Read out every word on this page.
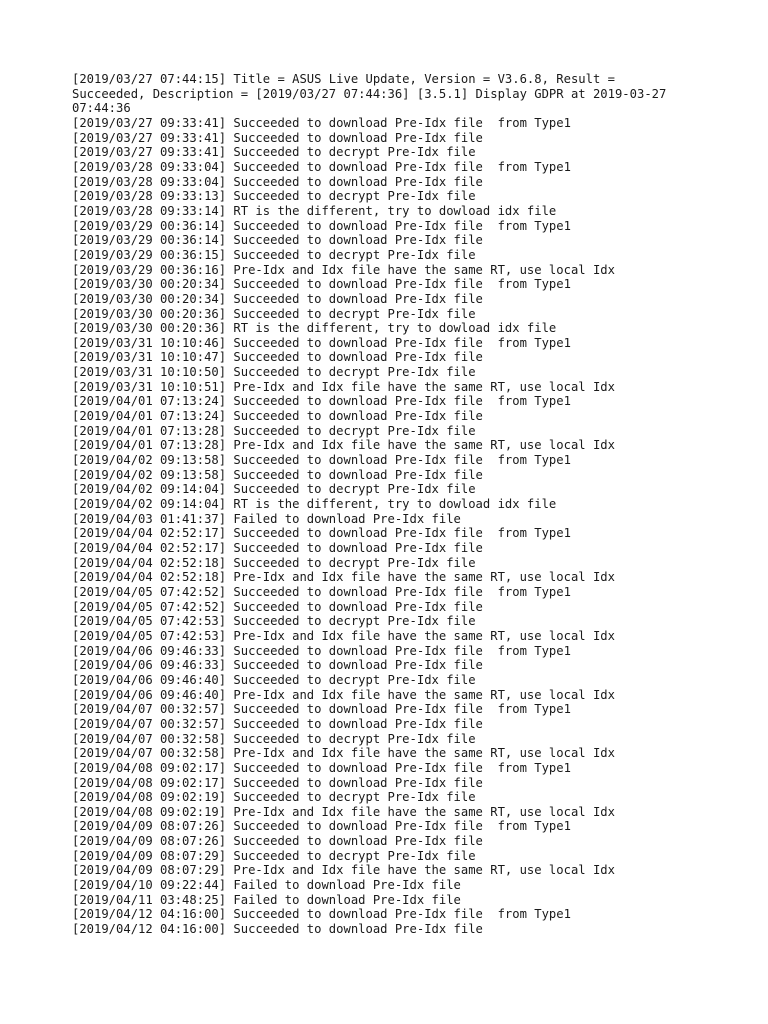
[2019/03/27 07:44:15] Title = ASUS Live Update, Version = V3.6.8, Result =
Succeeded, Description = [2019/03/27 07:44:36] [3.5.1] Display GDPR at 2019-03-27
07:44:36
[2019/03/27 09:33:41] Succeeded to download Pre-Idx file  from Type1
[2019/03/27 09:33:41] Succeeded to download Pre-Idx file
[2019/03/27 09:33:41] Succeeded to decrypt Pre-Idx file
[2019/03/28 09:33:04] Succeeded to download Pre-Idx file  from Type1
[2019/03/28 09:33:04] Succeeded to download Pre-Idx file
[2019/03/28 09:33:13] Succeeded to decrypt Pre-Idx file
[2019/03/28 09:33:14] RT is the different, try to dowload idx file
[2019/03/29 00:36:14] Succeeded to download Pre-Idx file  from Type1
[2019/03/29 00:36:14] Succeeded to download Pre-Idx file
[2019/03/29 00:36:15] Succeeded to decrypt Pre-Idx file
[2019/03/29 00:36:16] Pre-Idx and Idx file have the same RT, use local Idx
[2019/03/30 00:20:34] Succeeded to download Pre-Idx file  from Type1
[2019/03/30 00:20:34] Succeeded to download Pre-Idx file
[2019/03/30 00:20:36] Succeeded to decrypt Pre-Idx file
[2019/03/30 00:20:36] RT is the different, try to dowload idx file
[2019/03/31 10:10:46] Succeeded to download Pre-Idx file  from Type1
[2019/03/31 10:10:47] Succeeded to download Pre-Idx file
[2019/03/31 10:10:50] Succeeded to decrypt Pre-Idx file
[2019/03/31 10:10:51] Pre-Idx and Idx file have the same RT, use local Idx
[2019/04/01 07:13:24] Succeeded to download Pre-Idx file  from Type1
[2019/04/01 07:13:24] Succeeded to download Pre-Idx file
[2019/04/01 07:13:28] Succeeded to decrypt Pre-Idx file
[2019/04/01 07:13:28] Pre-Idx and Idx file have the same RT, use local Idx
[2019/04/02 09:13:58] Succeeded to download Pre-Idx file  from Type1
[2019/04/02 09:13:58] Succeeded to download Pre-Idx file
[2019/04/02 09:14:04] Succeeded to decrypt Pre-Idx file
[2019/04/02 09:14:04] RT is the different, try to dowload idx file
[2019/04/03 01:41:37] Failed to download Pre-Idx file
[2019/04/04 02:52:17] Succeeded to download Pre-Idx file  from Type1
[2019/04/04 02:52:17] Succeeded to download Pre-Idx file
[2019/04/04 02:52:18] Succeeded to decrypt Pre-Idx file
[2019/04/04 02:52:18] Pre-Idx and Idx file have the same RT, use local Idx
[2019/04/05 07:42:52] Succeeded to download Pre-Idx file  from Type1
[2019/04/05 07:42:52] Succeeded to download Pre-Idx file
[2019/04/05 07:42:53] Succeeded to decrypt Pre-Idx file
[2019/04/05 07:42:53] Pre-Idx and Idx file have the same RT, use local Idx
[2019/04/06 09:46:33] Succeeded to download Pre-Idx file  from Type1
[2019/04/06 09:46:33] Succeeded to download Pre-Idx file
[2019/04/06 09:46:40] Succeeded to decrypt Pre-Idx file
[2019/04/06 09:46:40] Pre-Idx and Idx file have the same RT, use local Idx
[2019/04/07 00:32:57] Succeeded to download Pre-Idx file  from Type1
[2019/04/07 00:32:57] Succeeded to download Pre-Idx file
[2019/04/07 00:32:58] Succeeded to decrypt Pre-Idx file
[2019/04/07 00:32:58] Pre-Idx and Idx file have the same RT, use local Idx
[2019/04/08 09:02:17] Succeeded to download Pre-Idx file  from Type1
[2019/04/08 09:02:17] Succeeded to download Pre-Idx file
[2019/04/08 09:02:19] Succeeded to decrypt Pre-Idx file
[2019/04/08 09:02:19] Pre-Idx and Idx file have the same RT, use local Idx
[2019/04/09 08:07:26] Succeeded to download Pre-Idx file  from Type1
[2019/04/09 08:07:26] Succeeded to download Pre-Idx file
[2019/04/09 08:07:29] Succeeded to decrypt Pre-Idx file
[2019/04/09 08:07:29] Pre-Idx and Idx file have the same RT, use local Idx
[2019/04/10 09:22:44] Failed to download Pre-Idx file
[2019/04/11 03:48:25] Failed to download Pre-Idx file
[2019/04/12 04:16:00] Succeeded to download Pre-Idx file  from Type1
[2019/04/12 04:16:00] Succeeded to download Pre-Idx file
